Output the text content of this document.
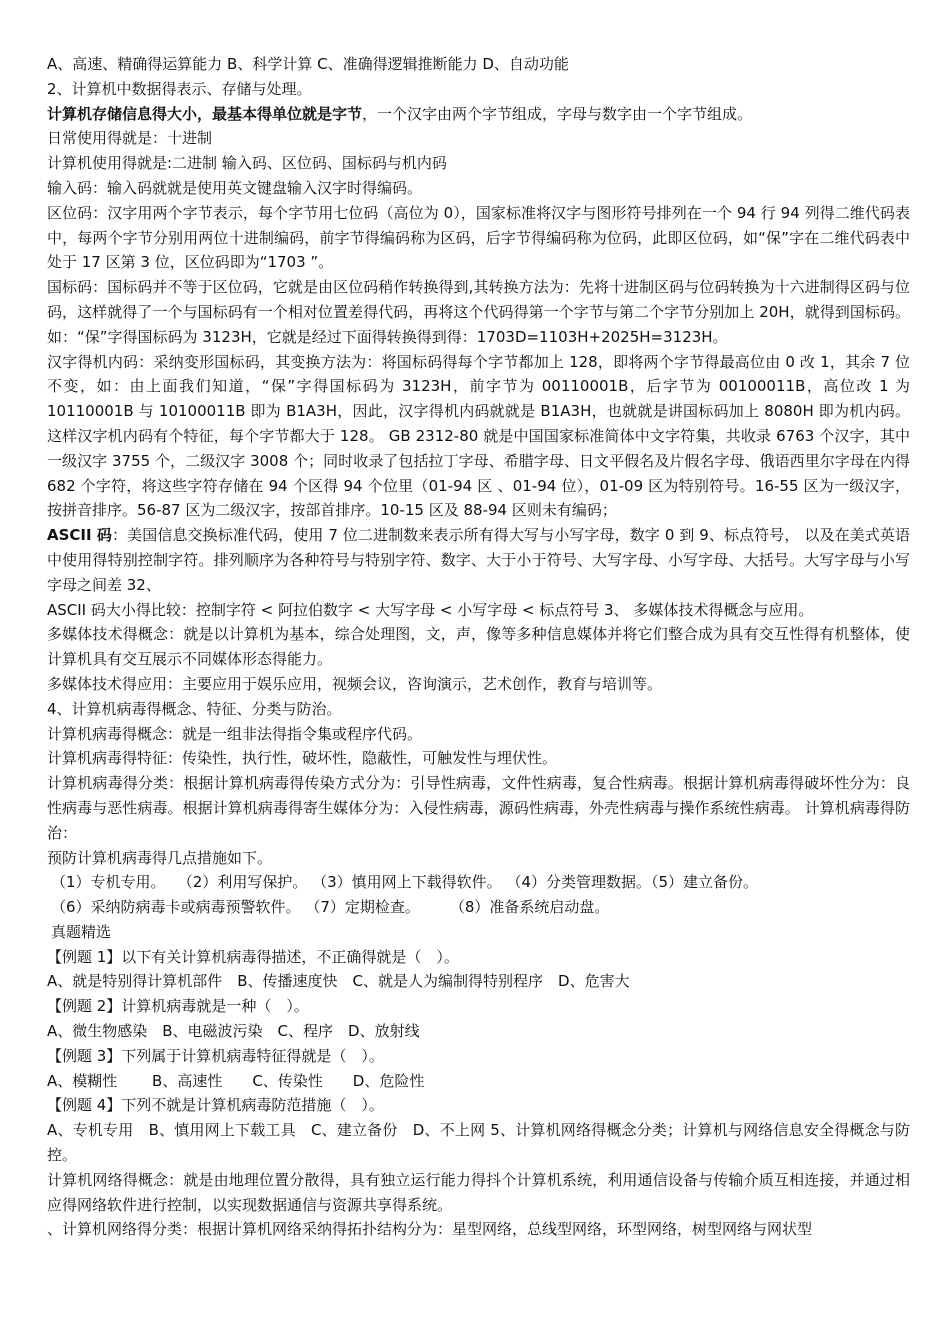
A、高速、精确得运算能力 B、科学计算 C、准确得逻辑推断能力 D、自动功能

2、计算机中数据得表示、存储与处理。

计算机存储信息得大小，最基本得单位就是字节，一个汉字由两个字节组成，字母与数字由一个字节组成。

日常使用得就是：十进制

计算机使用得就是:二进制 输入码、区位码、国标码与机内码

输入码：输入码就就是使用英文键盘输入汉字时得编码。

区位码：汉字用两个字节表示，每个字节用七位码（高位为 0），国家标准将汉字与图形符号排列在一个 94 行 94 列得二维代码表中，每两个字节分别用两位十进制编码，前字节得编码称为区码，后字节得编码称为位码，此即区位码，如“保”字在二维代码表中处于 17 区第 3 位，区位码即为“1703 ”。

国标码：国标码并不等于区位码，它就是由区位码稍作转换得到,其转换方法为：先将十进制区码与位码转换为十六进制得区码与位码，这样就得了一个与国标码有一个相对位置差得代码，再将这个代码得第一个字节与第二个字节分别加上 20H，就得到国标码。如：“保”字得国标码为 3123H，它就是经过下面得转换得到得：1703D=1103H+2025H=3123H。

汉字得机内码：采纳变形国标码，其变换方法为：将国标码得每个字节都加上 128，即将两个字节得最高位由 0 改 1，其余 7 位不变，如：由上面我们知道，“保”字得国标码为 3123H，前字节为 00110001B，后字节为 00100011B，高位改 1 为 10110001B 与 10100011B 即为 B1A3H，因此，汉字得机内码就就是 B1A3H，也就就是讲国标码加上 8080H 即为机内码。这样汉字机内码有个特征，每个字节都大于 128。 GB 2312-80 就是中国国家标准简体中文字符集，共收录 6763 个汉字，其中一级汉字 3755 个，二级汉字 3008 个；同时收录了包括拉丁字母、希腊字母、日文平假名及片假名字母、俄语西里尔字母在内得 682 个字符，将这些字符存储在 94 个区得 94 个位里（01-94 区 、01-94 位），01-09 区为特别符号。16-55 区为一级汉字，按拼音排序。56-87 区为二级汉字，按部首排序。10-15 区及 88-94 区则未有编码；

ASCII 码：美国信息交换标准代码，使用 7 位二进制数来表示所有得大写与小写字母，数字 0 到 9、标点符号， 以及在美式英语中使用得特别控制字符。排列顺序为各种符号与特别字符、数字、大于小于符号、大写字母、小写字母、大括号。大写字母与小写字母之间差 32、

ASCII 码大小得比较：控制字符 < 阿拉伯数字 < 大写字母 < 小写字母 < 标点符号 3、 多媒体技术得概念与应用。

多媒体技术得概念：就是以计算机为基本，综合处理图，文，声，像等多种信息媒体并将它们整合成为具有交互性得有机整体，使计算机具有交互展示不同媒体形态得能力。

多媒体技术得应用：主要应用于娱乐应用，视频会议，咨询演示，艺术创作，教育与培训等。

4、计算机病毒得概念、特征、分类与防治。

计算机病毒得概念：就是一组非法得指令集或程序代码。

计算机病毒得特征：传染性，执行性，破坏性，隐蔽性，可触发性与埋伏性。

计算机病毒得分类：根据计算机病毒得传染方式分为：引导性病毒，文件性病毒，复合性病毒。根据计算机病毒得破坏性分为：良性病毒与恶性病毒。根据计算机病毒得寄生媒体分为：入侵性病毒，源码性病毒，外壳性病毒与操作系统性病毒。 计算机病毒得防治：

预防计算机病毒得几点措施如下。

（1）专机专用。　 （2）利用写保护。 （3）慎用网上下载得软件。 （4）分类管理数据。（5）建立备份。

（6）采纳防病毒卡或病毒预警软件。 （7）定期检查。　　　（8）准备系统启动盘。

真题精选

【例题 1】以下有关计算机病毒得描述，不正确得就是（　）。

A、就是特别得计算机部件　B、传播速度快　C、就是人为编制得特别程序　D、危害大

【例题 2】计算机病毒就是一种（　）。

A、微生物感染　B、电磁波污染　C、程序　D、放射线

【例题 3】下列属于计算机病毒特征得就是（　）。

A、模糊性　　 B、高速性　　C、传染性　　D、危险性

【例题 4】下列不就是计算机病毒防范措施（　）。

A、专机专用　B、慎用网上下载工具　C、建立备份　D、不上网 5、计算机网络得概念分类；计算机与网络信息安全得概念与防控。

计算机网络得概念：就是由地理位置分散得，具有独立运行能力得抖个计算机系统，利用通信设备与传输介质互相连接，并通过相应得网络软件进行控制，以实现数据通信与资源共享得系统。

、计算机网络得分类：根据计算机网络采纳得拓扑结构分为：星型网络，总线型网络，环型网络，树型网络与网状型
